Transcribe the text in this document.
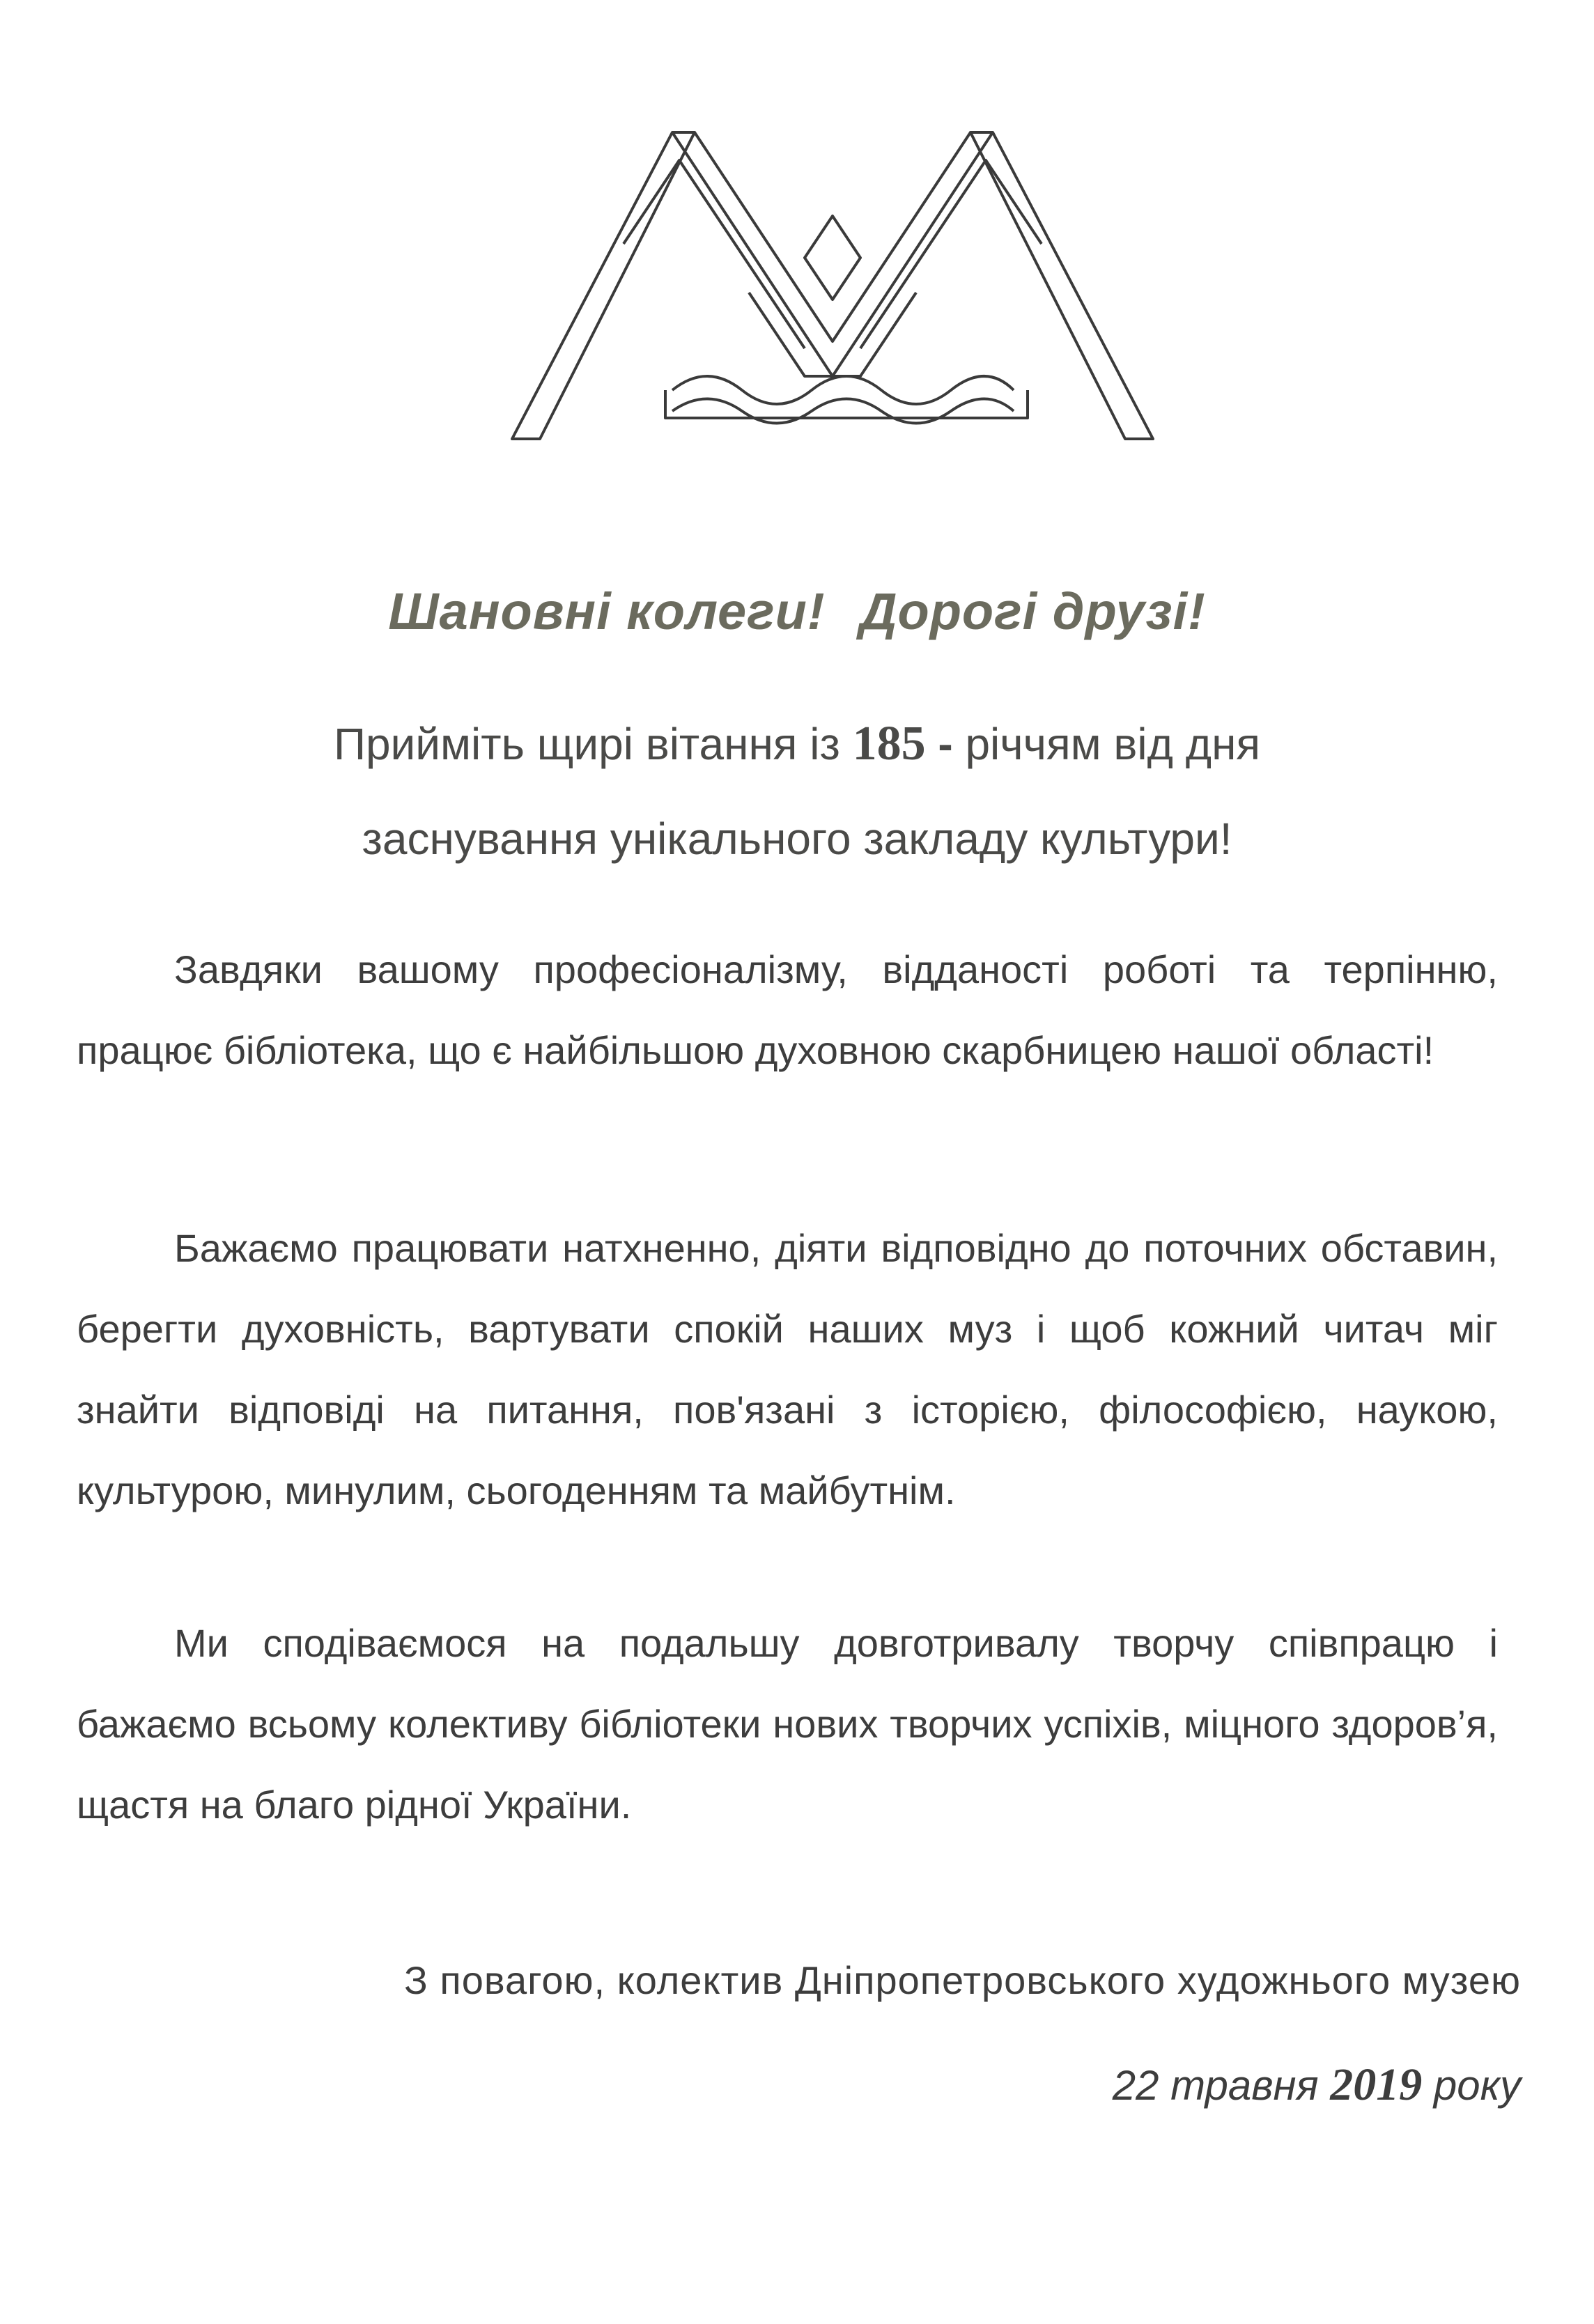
Шановні колеги! Дорогі друзі!
Прийміть щирі вітання із 185 - річчям від дня
заснування унікального закладу культури!

Завдяки вашому професіоналізму, відданості роботі та терпінню, працює бібліотека, що є найбільшою духовною скарбницею нашої області!

Бажаємо працювати натхненно, діяти відповідно до поточних обставин, берегти духовність, вартувати спокій наших муз і щоб кожний читач міг знайти відповіді на питання, пов'язані з історією, філософією, наукою, культурою, минулим, сьогоденням та майбутнім.

Ми сподіваємося на подальшу довготривалу творчу співпрацю і бажаємо всьому колективу бібліотеки нових творчих успіхів, міцного здоров’я, щастя на благо рідної України.

З повагою, колектив Дніпропетровського художнього музею
22 травня 2019 року
